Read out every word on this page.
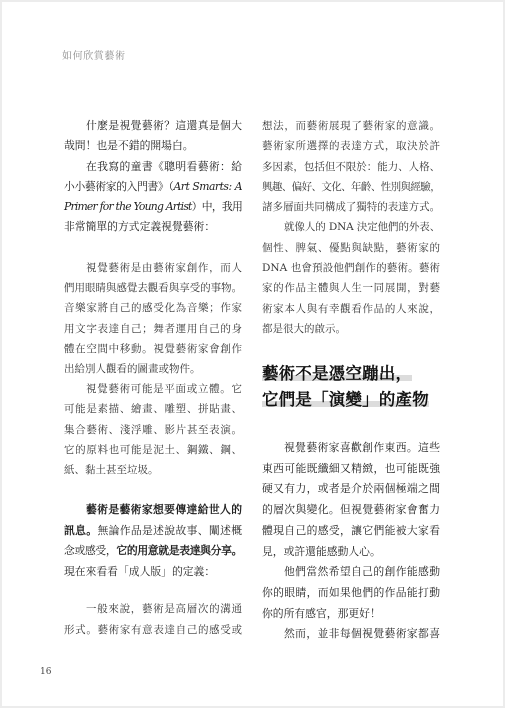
如何欣賞藝術
什麼是視覺藝術？這還真是個大
哉問！也是不錯的開場白。
在我寫的童書《聰明看藝術：給
小小藝術家的入門書》（Art Smarts: A
Primer for the Young Artist）中，我用
非常簡單的方式定義視覺藝術：
視覺藝術是由藝術家創作，而人
們用眼睛與感覺去觀看與享受的事物。
音樂家將自己的感受化為音樂；作家
用文字表達自己；舞者運用自己的身
體在空間中移動。視覺藝術家會創作
出給別人觀看的圖畫或物件。
視覺藝術可能是平面或立體。它
可能是素描、繪畫、雕塑、拼貼畫、
集合藝術、淺浮雕、影片甚至表演。
它的原料也可能是泥土、鋼鐵、鋼、
紙、黏土甚至垃圾。
藝術是藝術家想要傳達給世人的
訊息。無論作品是述說故事、闡述概
念或感受，它的用意就是表達與分享。
現在來看看「成人版」的定義：
一般來說，藝術是高層次的溝通
形式。藝術家有意表達自己的感受或
想法，而藝術展現了藝術家的意識。
藝術家所選擇的表達方式，取決於許
多因素，包括但不限於：能力、人格、
興趣、偏好、文化、年齡、性別與經驗，
諸多層面共同構成了獨特的表達方式。
就像人的 DNA 決定他們的外表、
個性、脾氣、優點與缺點，藝術家的
DNA 也會預設他們創作的藝術。藝術
家的作品主體與人生一同展開，對藝
術家本人與有幸觀看作品的人來說，
都是很大的啟示。
藝術不是憑空蹦出，
它們是「演變」的產物
視覺藝術家喜歡創作東西。這些
東西可能既纖細又精緻，也可能既強
硬又有力，或者是介於兩個極端之間
的層次與變化。但視覺藝術家會奮力
體現自己的感受，讓它們能被大家看
見，或許還能感動人心。
他們當然希望自己的創作能感動
你的眼睛，而如果他們的作品能打動
你的所有感官，那更好！
然而，並非每個視覺藝術家都喜
16
